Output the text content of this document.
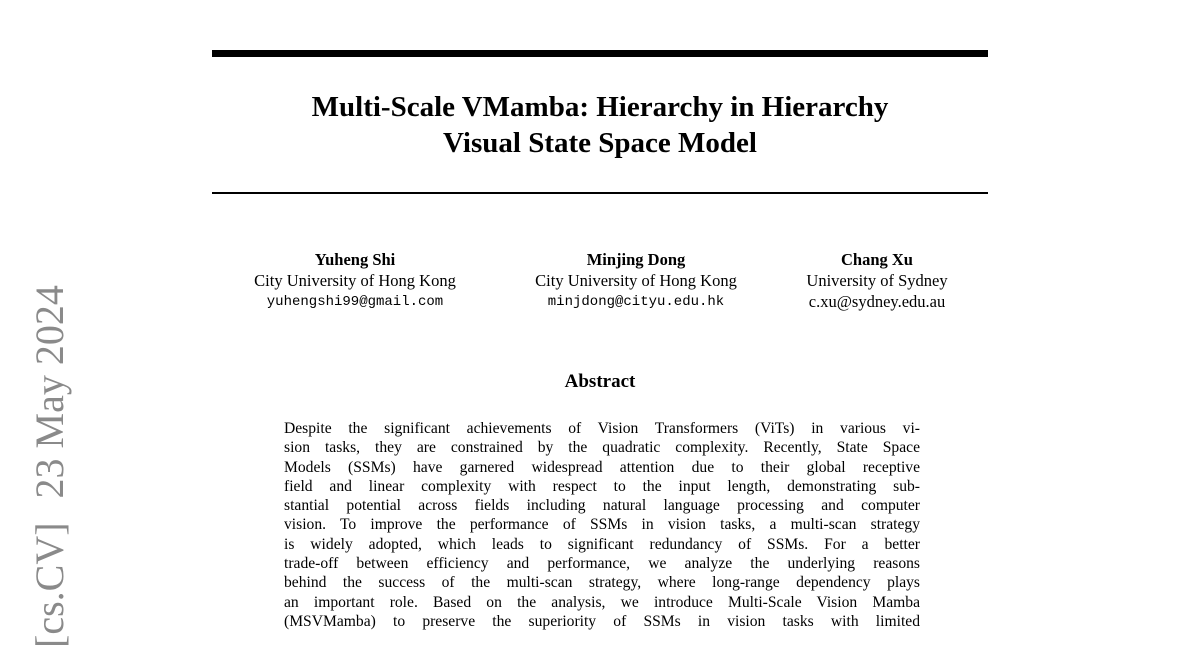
Multi-Scale VMamba: Hierarchy in Hierarchy
Visual State Space Model
Yuheng Shi
City University of Hong Kong
yuhengshi99@gmail.com
Minjing Dong
City University of Hong Kong
minjdong@cityu.edu.hk
Chang Xu
University of Sydney
c.xu@sydney.edu.au
Abstract
Despite the significant achievements of Vision Transformers (ViTs) in various vi-
sion tasks, they are constrained by the quadratic complexity. Recently, State Space
Models (SSMs) have garnered widespread attention due to their global receptive
field and linear complexity with respect to the input length, demonstrating sub-
stantial potential across fields including natural language processing and computer
vision. To improve the performance of SSMs in vision tasks, a multi-scan strategy
is widely adopted, which leads to significant redundancy of SSMs. For a better
trade-off between efficiency and performance, we analyze the underlying reasons
behind the success of the multi-scan strategy, where long-range dependency plays
an important role. Based on the analysis, we introduce Multi-Scale Vision Mamba
(MSVMamba) to preserve the superiority of SSMs in vision tasks with limited
[cs.CV] 23 May 2024
